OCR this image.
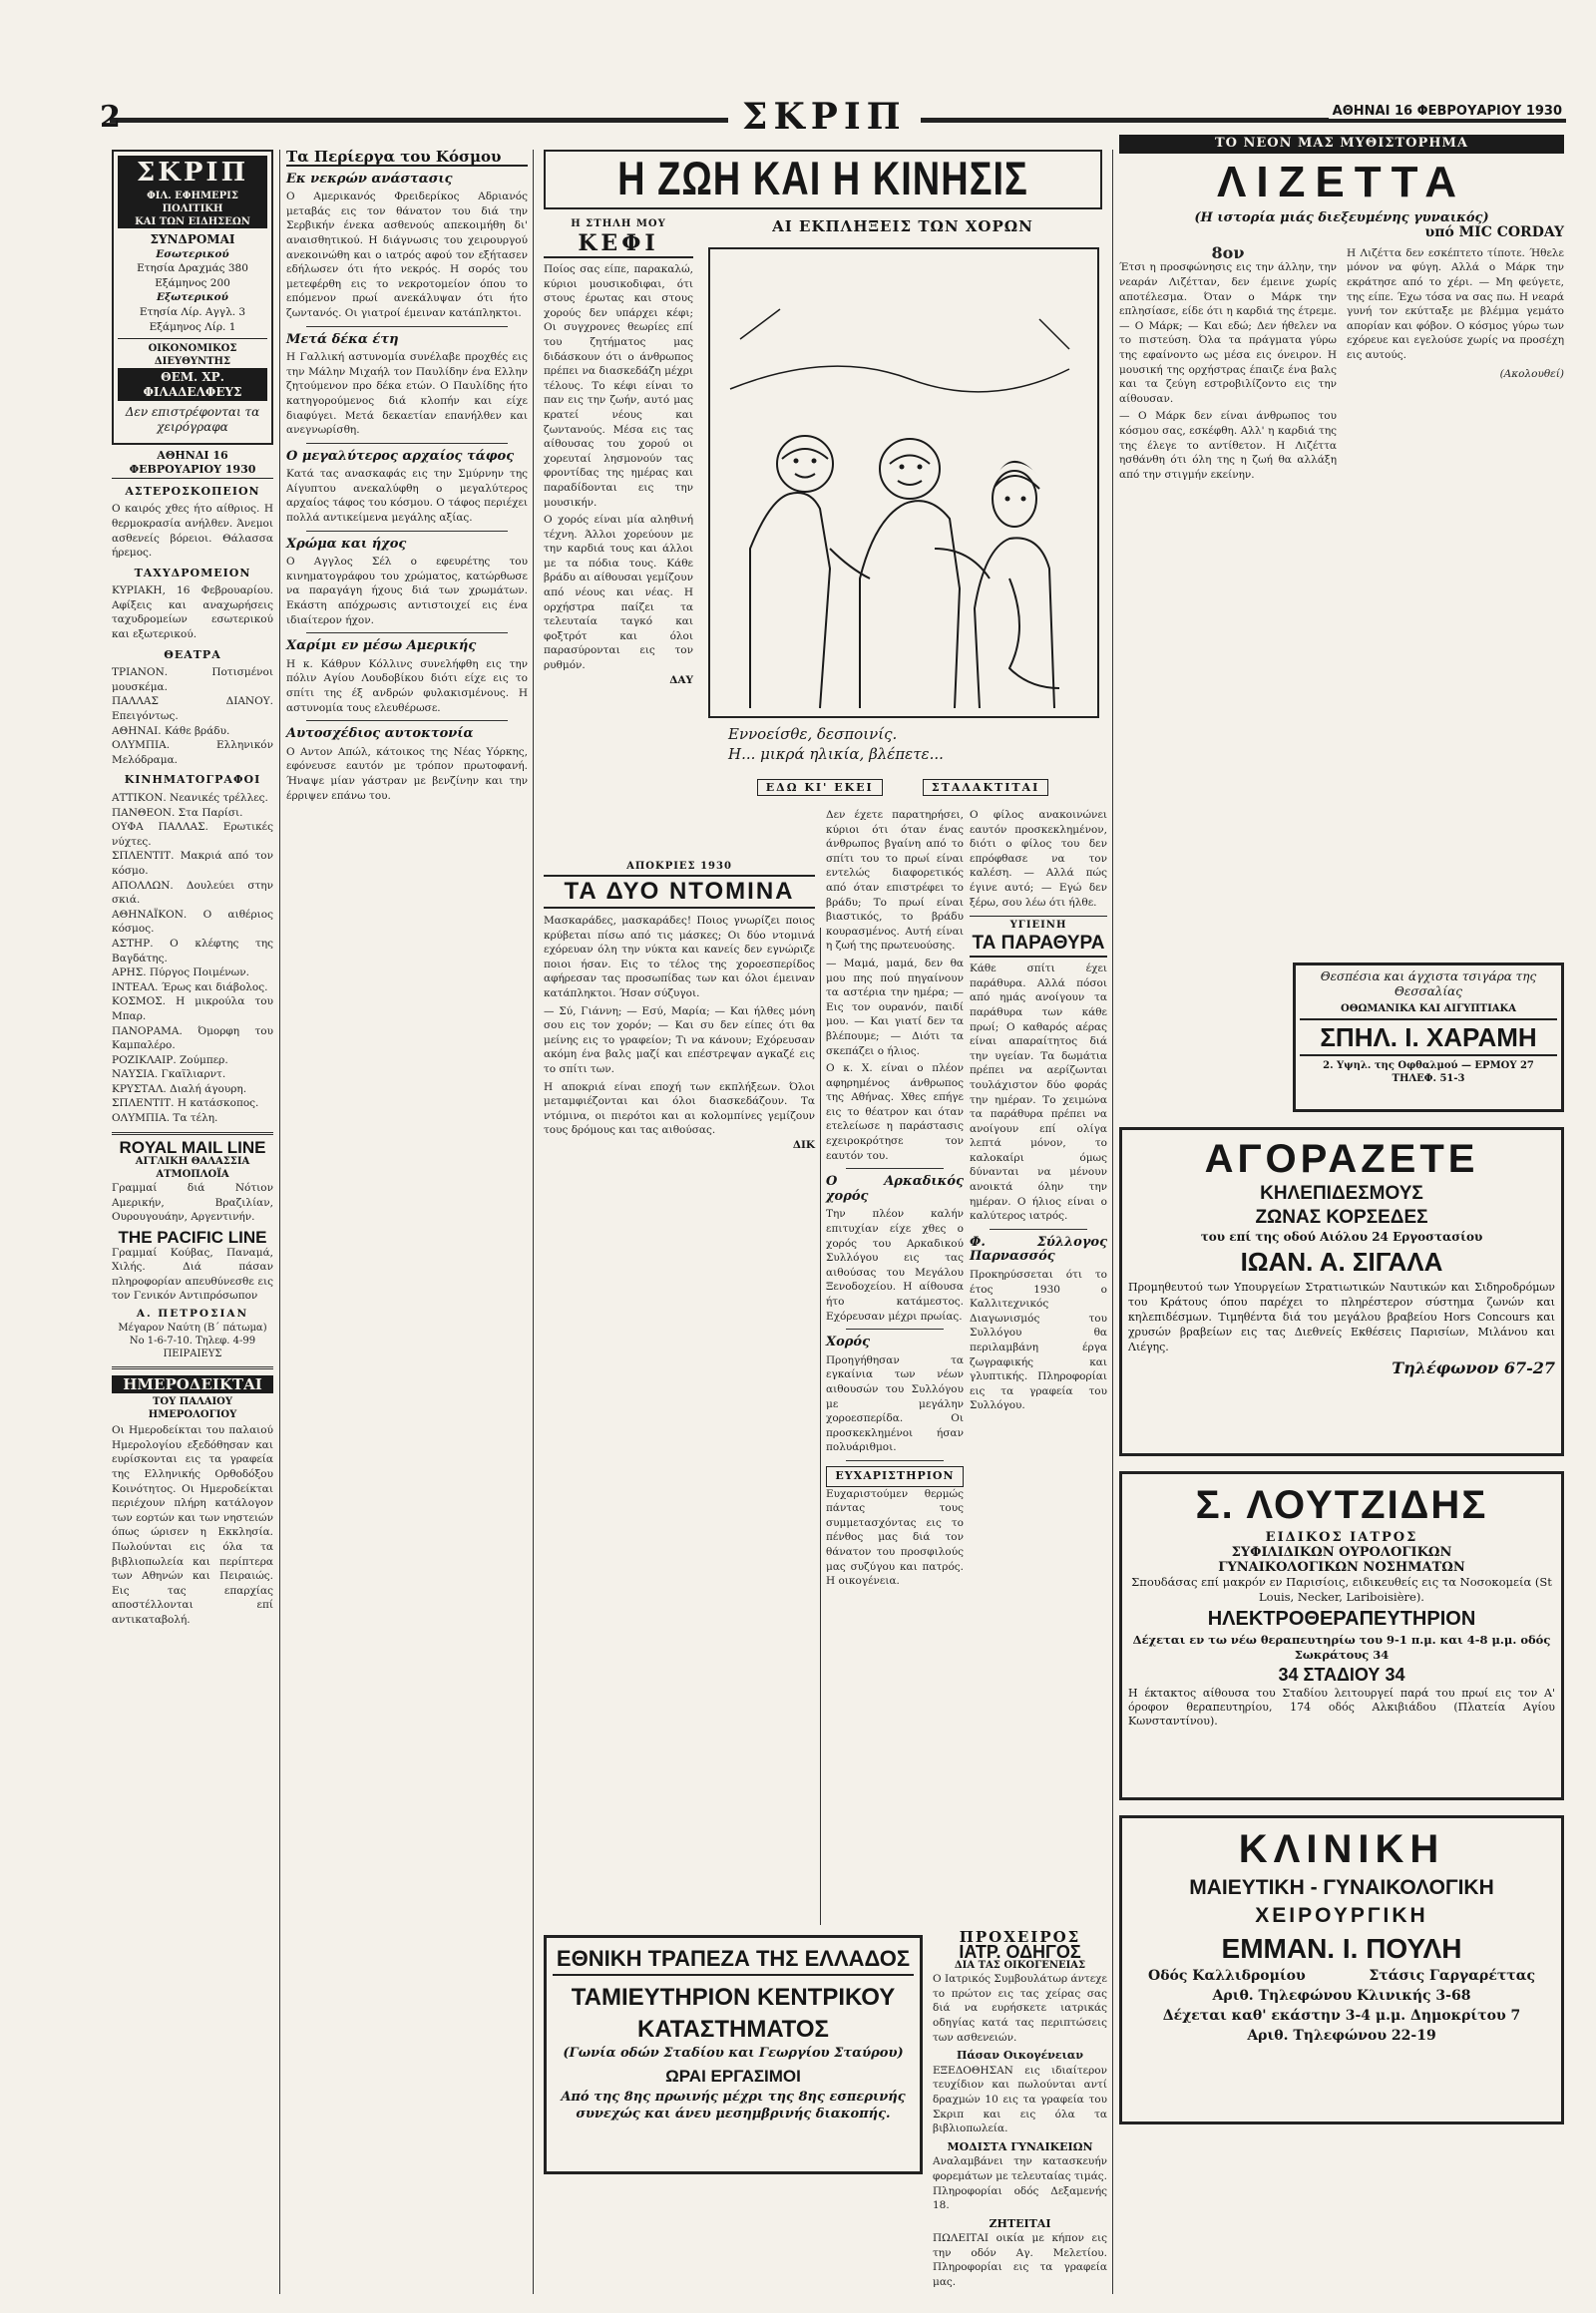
2	ΣΚΡΙΠ	ΑΘΗΝΑΙ 16 ΦΕΒΡΟΥΑΡΙΟΥ 1930
ΣΚΡΙΠ
ΦΙΛ. ΕΦΗΜΕΡΙΣ ΠΟΛΙΤΙΚΗ
ΚΑΙ ΤΩΝ ΕΙΔΗΣΕΩΝ
ΣΥΝΔΡΟΜΑΙ
Εσωτερικού
Ετησία Δραχμάς 380
Εξάμηνος 200
Εξωτερικού
Ετησία Λίρ. Αγγλ. 3
Εξάμηνος Λίρ. 1
ΟΙΚΟΝΟΜΙΚΟΣ ΔΙΕΥΘΥΝΤΗΣ
ΘΕΜ. ΧΡ. ΦΙΛΑΔΕΛΦΕΥΣ
Δεν επιστρέφονται τα χειρόγραφα
ΑΘΗΝΑΙ 16 ΦΕΒΡΟΥΑΡΙΟΥ 1930
ΑΣΤΕΡΟΣΚΟΠΕΙΟΝ
Ο καιρός χθες ήτο αίθριος. Η θερμοκρασία ανήλθεν. Άνεμοι ασθενείς βόρειοι. Θάλασσα ήρεμος.
ΤΑΧΥΔΡΟΜΕΙΟΝ
ΚΥΡΙΑΚΗ, 16 Φεβρουαρίου. Αφίξεις και αναχωρήσεις ταχυδρομείων εσωτερικού και εξωτερικού.
ΘΕΑΤΡΑ
ΤΡΙΑΝΟΝ. Ποτισμένοι μουσκέμα.
ΠΑΛΛΑΣ ΔΙΑΝΟΥ. Επειγόντως.
ΑΘΗΝΑΙ. Κάθε βράδυ.
ΟΛΥΜΠΙΑ. Ελληνικόν Μελόδραμα.
ΚΙΝΗΜΑΤΟΓΡΑΦΟΙ
ΑΤΤΙΚΟΝ. Νεανικές τρέλλες.
ΠΑΝΘΕΟΝ. Στα Παρίσι.
ΟΥΦΑ ΠΑΛΛΑΣ. Ερωτικές νύχτες.
ΣΠΛΕΝΤΙΤ. Μακριά από τον κόσμο.
ΑΠΟΛΛΩΝ. Δουλεύει στην σκιά.
ΑΘΗΝΑΪΚΟΝ. Ο αιθέριος κόσμος.
ΑΣΤΗΡ. Ο κλέφτης της Βαγδάτης.
ΑΡΗΣ. Πύργος Ποιμένων.
ΙΝΤΕΑΛ. Έρως και διάβολος.
ΚΟΣΜΟΣ. Η μικρούλα του Μπαρ.
ΠΑΝΟΡΑΜΑ. Όμορφη του Καμπαλέρο.
ΡΟΖΙΚΛΑΙΡ. Ζούμπερ.
ΝΑΥΣΙΑ. Γκαϊλιαρντ.
ΚΡΥΣΤΑΛ. Διαλή άγουρη.
ΣΠΛΕΝΤΙΤ. Η κατάσκοπος.
ΟΛΥΜΠΙΑ. Τα τέλη.
ROYAL MAIL LINE
ΑΓΓΛΙΚΗ ΘΑΛΑΣΣΙΑ ΑΤΜΟΠΛΟΪΑ
Γραμμαί διά Νότιον Αμερικήν, Βραζιλίαν, Ουρουγουάην, Αργεντινήν.
THE PACIFIC LINE
Γραμμαί Κούβας, Παναμά, Χιλής. Διά πάσαν πληροφορίαν απευθύνεσθε εις τον Γενικόν Αντιπρόσωπον
Α. ΠΕΤΡΟΣΙΑΝ
Μέγαρον Ναύτη (Β΄ πάτωμα) Νο 1-6-7-10. Τηλεφ. 4-99 ΠΕΙΡΑΙΕΥΣ
ΗΜΕΡΟΔΕΙΚΤΑΙ
ΤΟΥ ΠΑΛΑΙΟΥ ΗΜΕΡΟΛΟΓΙΟΥ
Οι Ημεροδείκται του παλαιού Ημερολογίου εξεδόθησαν και ευρίσκονται εις τα γραφεία της Ελληνικής Ορθοδόξου Κοινότητος. Οι Ημεροδείκται περιέχουν πλήρη κατάλογον των εορτών και των νηστειών όπως ώρισεν η Εκκλησία. Πωλούνται εις όλα τα βιβλιοπωλεία και περίπτερα των Αθηνών και Πειραιώς. Εις τας επαρχίας αποστέλλονται επί αντικαταβολή.
Τα Περίεργα του Κόσμου
Εκ νεκρών ανάστασις
Ο Αμερικανός Φρειδερίκος Αδριανός μεταβάς εις τον θάνατον του διά την Σερβικήν ένεκα ασθενούς απεκοιμήθη δι' αναισθητικού. Η διάγνωσις του χειρουργού ανεκοινώθη και ο ιατρός αφού τον εξήτασεν εδήλωσεν ότι ήτο νεκρός. Η σορός του μετεφέρθη εις το νεκροτομείον όπου το επόμενον πρωί ανεκάλυψαν ότι ήτο ζωντανός. Οι γιατροί έμειναν κατάπληκτοι.
Μετά δέκα έτη
Η Γαλλική αστυνομία συνέλαβε προχθές εις την Μάλην Μιχαήλ τον Παυλίδην ένα Ελλην ζητούμενον προ δέκα ετών. Ο Παυλίδης ήτο κατηγορούμενος διά κλοπήν και είχε διαφύγει. Μετά δεκαετίαν επανήλθεν και ανεγνωρίσθη.
Ο μεγαλύτερος αρχαίος τάφος
Κατά τας ανασκαφάς εις την Σμύρνην της Αίγυπτου ανεκαλύφθη ο μεγαλύτερος αρχαίος τάφος του κόσμου. Ο τάφος περιέχει πολλά αντικείμενα μεγάλης αξίας.
Χρώμα και ήχος
Ο Αγγλος Σέλ ο εφευρέτης του κινηματογράφου του χρώματος, κατώρθωσε να παραγάγη ήχους διά των χρωμάτων. Εκάστη απόχρωσις αντιστοιχεί εις ένα ιδιαίτερον ήχον.
Χαρίμι εν μέσω Αμερικής
Η κ. Κάθρυν Κόλλινς συνελήφθη εις την πόλιν Αγίου Λουδοβίκου διότι είχε εις το σπίτι της έξ ανδρών φυλακισμένους. Η αστυνομία τους ελευθέρωσε.
Αυτοσχέδιος αυτοκτονία
Ο Αντον Απώλ, κάτοικος της Νέας Υόρκης, εφόνευσε εαυτόν με τρόπον πρωτοφανή. Ήναψε μίαν γάστραν με βενζίνην και την έρριψεν επάνω του.
Η ΖΩΗ ΚΑΙ Η ΚΙΝΗΣΙΣ
Η ΣΤΗΛΗ ΜΟΥ
ΚΕΦΙ
Ποίος σας είπε, παρακαλώ, κύριοι μουσικοδιφαι, ότι στους έρωτας και στους χορούς δεν υπάρχει κέφι; Οι συγχρονες θεωρίες επί του ζητήματος μας διδάσκουν ότι ο άνθρωπος πρέπει να διασκεδάζη μέχρι τέλους. Το κέφι είναι το παν εις την ζωήν, αυτό μας κρατεί νέους και ζωντανούς. Μέσα εις τας αίθουσας του χορού οι χορευταί λησμονούν τας φροντίδας της ημέρας και παραδίδονται εις την μουσικήν.
Ο χορός είναι μία αληθινή τέχνη. Άλλοι χορεύουν με την καρδιά τους και άλλοι με τα πόδια τους. Κάθε βράδυ αι αίθουσαι γεμίζουν από νέους και νέας. Η ορχήστρα παίζει τα τελευταία ταγκό και φοξτρότ και όλοι παρασύρονται εις τον ρυθμόν.
ΔΑΥ
ΑΠΟΚΡΙΕΣ 1930
ΤΑ ΔΥΟ ΝΤΟΜΙΝΑ
Μασκαράδες, μασκαράδες! Ποιος γνωρίζει ποιος κρύβεται πίσω από τις μάσκες; Οι δύο ντομινά εχόρευαν όλη την νύκτα και κανείς δεν εγνώριζε ποιοι ήσαν. Εις το τέλος της χοροεσπερίδος αφήρεσαν τας προσωπίδας των και όλοι έμειναν κατάπληκτοι. Ήσαν σύζυγοι.
— Σύ, Γιάννη; — Εσύ, Μαρία; — Και ήλθες μόνη σου εις τον χορόν; — Και συ δεν είπες ότι θα μείνης εις το γραφείον; Τι να κάνουν; Εχόρευσαν ακόμη ένα βαλς μαζί και επέστρεψαν αγκαζέ εις το σπίτι των.
Η αποκριά είναι εποχή των εκπλήξεων. Όλοι μεταμφιέζονται και όλοι διασκεδάζουν. Τα ντόμινα, οι πιερότοι και αι κολομπίνες γεμίζουν τους δρόμους και τας αιθούσας.
ΔΙΚ
ΑΙ ΕΚΠΛΗΞΕΙΣ ΤΩΝ ΧΟΡΩΝ
Εννοείσθε, δεσποινίς.
Η... μικρά ηλικία, βλέπετε...
ΕΔΩ ΚΙ' ΕΚΕΙ	ΣΤΑΛΑΚΤΙΤΑΙ
Δεν έχετε παρατηρήσει, κύριοι ότι όταν ένας άνθρωπος βγαίνη από το σπίτι του το πρωί είναι εντελώς διαφορετικός από όταν επιστρέφει το βράδυ; Το πρωί είναι βιαστικός, το βράδυ κουρασμένος. Αυτή είναι η ζωή της πρωτευούσης.
— Μαμά, μαμά, δεν θα μου πης πού πηγαίνουν τα αστέρια την ημέρα; — Εις τον ουρανόν, παιδί μου. — Και γιατί δεν τα βλέπουμε; — Διότι τα σκεπάζει ο ήλιος.
Ο κ. Χ. είναι ο πλέον αφηρημένος άνθρωπος της Αθήνας. Χθες επήγε εις το θέατρον και όταν ετελείωσε η παράστασις εχειροκρότησε τον εαυτόν του.
Ο Αρκαδικός χορός
Την πλέον καλήν επιτυχίαν είχε χθες ο χορός του Αρκαδικού Συλλόγου εις τας αιθούσας του Μεγάλου Ξενοδοχείου. Η αίθουσα ήτο κατάμεστος. Εχόρευσαν μέχρι πρωίας.
Χορός
Προηγήθησαν τα εγκαίνια των νέων αιθουσών του Συλλόγου με μεγάλην χοροεσπερίδα. Οι προσκεκλημένοι ήσαν πολυάριθμοι.
ΕΥΧΑΡΙΣΤΗΡΙΟΝ
Ευχαριστούμεν θερμώς πάντας τους συμμετασχόντας εις το πένθος μας διά τον θάνατον του προσφιλούς μας συζύγου και πατρός. Η οικογένεια.
Ο φίλος ανακοινώνει εαυτόν προσκεκλημένον, διότι ο φίλος του δεν επρόφθασε να τον καλέση. — Αλλά πώς έγινε αυτό; — Εγώ δεν ξέρω, σου λέω ότι ήλθε.
ΥΓΙΕΙΝΗ
ΤΑ ΠΑΡΑΘΥΡΑ
Κάθε σπίτι έχει παράθυρα. Αλλά πόσοι από ημάς ανοίγουν τα παράθυρα των κάθε πρωί; Ο καθαρός αέρας είναι απαραίτητος διά την υγείαν. Τα δωμάτια πρέπει να αερίζωνται τουλάχιστον δύο φοράς την ημέραν. Το χειμώνα τα παράθυρα πρέπει να ανοίγουν επί ολίγα λεπτά μόνον, το καλοκαίρι όμως δύνανται να μένουν ανοικτά όλην την ημέραν. Ο ήλιος είναι ο καλύτερος ιατρός.
Φ. Σύλλογος Παρνασσός
Προκηρύσσεται ότι το έτος 1930 ο Καλλιτεχνικός Διαγωνισμός του Συλλόγου θα περιλαμβάνη έργα ζωγραφικής και γλυπτικής. Πληροφορίαι εις τα γραφεία του Συλλόγου.
ΤΟ ΝΕΟΝ ΜΑΣ ΜΥΘΙΣΤΟΡΗΜΑ
ΛΙΖΕΤΤΑ
(Η ιστορία μιάς διεξευμένης γυναικός)
υπό MIC CORDAY
8ον
Έτσι η προσφώνησις εις την άλλην, την νεαράν Λιζέτταν, δεν έμεινε χωρίς αποτέλεσμα. Όταν ο Μάρκ την επλησίασε, είδε ότι η καρδιά της έτρεμε. — Ο Μάρκ; — Και εδώ; Δεν ήθελεν να το πιστεύση. Όλα τα πράγματα γύρω της εφαίνοντο ως μέσα εις όνειρον. Η μουσική της ορχήστρας έπαιζε ένα βαλς και τα ζεύγη εστροβιλίζοντο εις την αίθουσαν.
— Ο Μάρκ δεν είναι άνθρωπος του κόσμου σας, εσκέφθη. Αλλ' η καρδιά της της έλεγε το αντίθετον. Η Λιζέττα ησθάνθη ότι όλη της η ζωή θα αλλάξη από την στιγμήν εκείνην.
Η Λιζέττα δεν εσκέπτετο τίποτε. Ήθελε μόνον να φύγη. Αλλά ο Μάρκ την εκράτησε από το χέρι. — Μη φεύγετε, της είπε. Έχω τόσα να σας πω. Η νεαρά γυνή τον εκύτταξε με βλέμμα γεμάτο απορίαν και φόβον. Ο κόσμος γύρω των εχόρευε και εγελούσε χωρίς να προσέχη εις αυτούς.
(Ακολουθεί)
Θεσπέσια και άγχιστα τσιγάρα της Θεσσαλίας
ΟΘΩΜΑΝΙΚΑ ΚΑΙ ΑΙΓΥΠΤΙΑΚΑ
ΣΠΗΛ. Ι. ΧΑΡΑΜΗ
2. Υψηλ. της Οφθαλμού — ΕΡΜΟΥ 27 ΤΗΛΕΦ. 51-3
ΑΓΟΡΑΖΕΤΕ
ΚΗΛΕΠΙΔΕΣΜΟΥΣ
ΖΩΝΑΣ ΚΟΡΣΕΔΕΣ
του επί της οδού Αιόλου 24 Εργοστασίου
ΙΩΑΝ. Α. ΣΙΓΑΛΑ
Προμηθευτού των Υπουργείων Στρατιωτικών Ναυτικών και Σιδηροδρόμων του Κράτους όπου παρέχει το πληρέστερον σύστημα ζωνών και κηλεπιδέσμων. Τιμηθέντα διά του μεγάλου βραβείου Hors Concours και χρυσών βραβείων εις τας Διεθνείς Εκθέσεις Παρισίων, Μιλάνου και Λιέγης.
Τηλέφωνον 67-27
Σ. ΛΟΥΤΖΙΔΗΣ
ΕΙΔΙΚΟΣ ΙΑΤΡΟΣ
ΣΥΦΙΛΙΔΙΚΩΝ ΟΥΡΟΛΟΓΙΚΩΝ
ΓΥΝΑΙΚΟΛΟΓΙΚΩΝ ΝΟΣΗΜΑΤΩΝ
Σπουδάσας επί μακρόν εν Παρισίοις, ειδικευθείς εις τα Νοσοκομεία (St Louis, Necker, Lariboisière).
ΗΛΕΚΤΡΟΘΕΡΑΠΕΥΤΗΡΙΟΝ
Δέχεται εν τω νέω θεραπευτηρίω του 9-1 π.μ. και 4-8 μ.μ. οδός Σωκράτους 34
34 ΣΤΑΔΙΟΥ 34
Η έκτακτος αίθουσα του Σταδίου λειτουργεί παρά του πρωί εις τον Α' όροφον θεραπευτηρίου, 174 οδός Αλκιβιάδου (Πλατεία Αγίου Κωνσταντίνου).
ΚΛΙΝΙΚΗ
ΜΑΙΕΥΤΙΚΗ - ΓΥΝΑΙΚΟΛΟΓΙΚΗ
ΧΕΙΡΟΥΡΓΙΚΗ
ΕΜΜΑΝ. Ι. ΠΟΥΛΗ
Οδός Καλλιδρομίου	Στάσις Γαργαρέττας
Αριθ. Τηλεφώνου Κλινικής 3-68
Δέχεται καθ' εκάστην 3-4 μ.μ. Δημοκρίτου 7
Αριθ. Τηλεφώνου 22-19
ΕΘΝΙΚΗ ΤΡΑΠΕΖΑ ΤΗΣ ΕΛΛΑΔΟΣ
ΤΑΜΙΕΥΤΗΡΙΟΝ ΚΕΝΤΡΙΚΟΥ ΚΑΤΑΣΤΗΜΑΤΟΣ
(Γωνία οδών Σταδίου και Γεωργίου Σταύρου)
ΩΡΑΙ ΕΡΓΑΣΙΜΟΙ
Από της 8ης πρωινής μέχρι της 8ης εσπερινής συνεχώς και άνευ μεσημβρινής διακοπής.
ΠΡΟΧΕΙΡΟΣ
ΙΑΤΡ. ΟΔΗΓΟΣ
ΔΙΑ ΤΑΣ ΟΙΚΟΓΕΝΕΙΑΣ
Ο Ιατρικός Συμβουλάτωρ άντεχε το πρώτον εις τας χείρας σας διά να ευρήσκετε ιατρικάς οδηγίας κατά τας περιπτώσεις των ασθενειών.
Πάσαν Οικογένειαν
ΕΞΕΔΟΘΗΣΑΝ εις ιδιαίτερον τευχίδιον και πωλούνται αντί δραχμών 10 εις τα γραφεία του Σκριπ και εις όλα τα βιβλιοπωλεία.
ΜΟΔΙΣΤΑ ΓΥΝΑΙΚΕΙΩΝ
Αναλαμβάνει την κατασκευήν φορεμάτων με τελευταίας τιμάς. Πληροφορίαι οδός Δεξαμενής 18.
ΖΗΤΕΙΤΑΙ
ΠΩΛΕΙΤΑΙ οικία με κήπον εις την οδόν Αγ. Μελετίου. Πληροφορίαι εις τα γραφεία μας.
